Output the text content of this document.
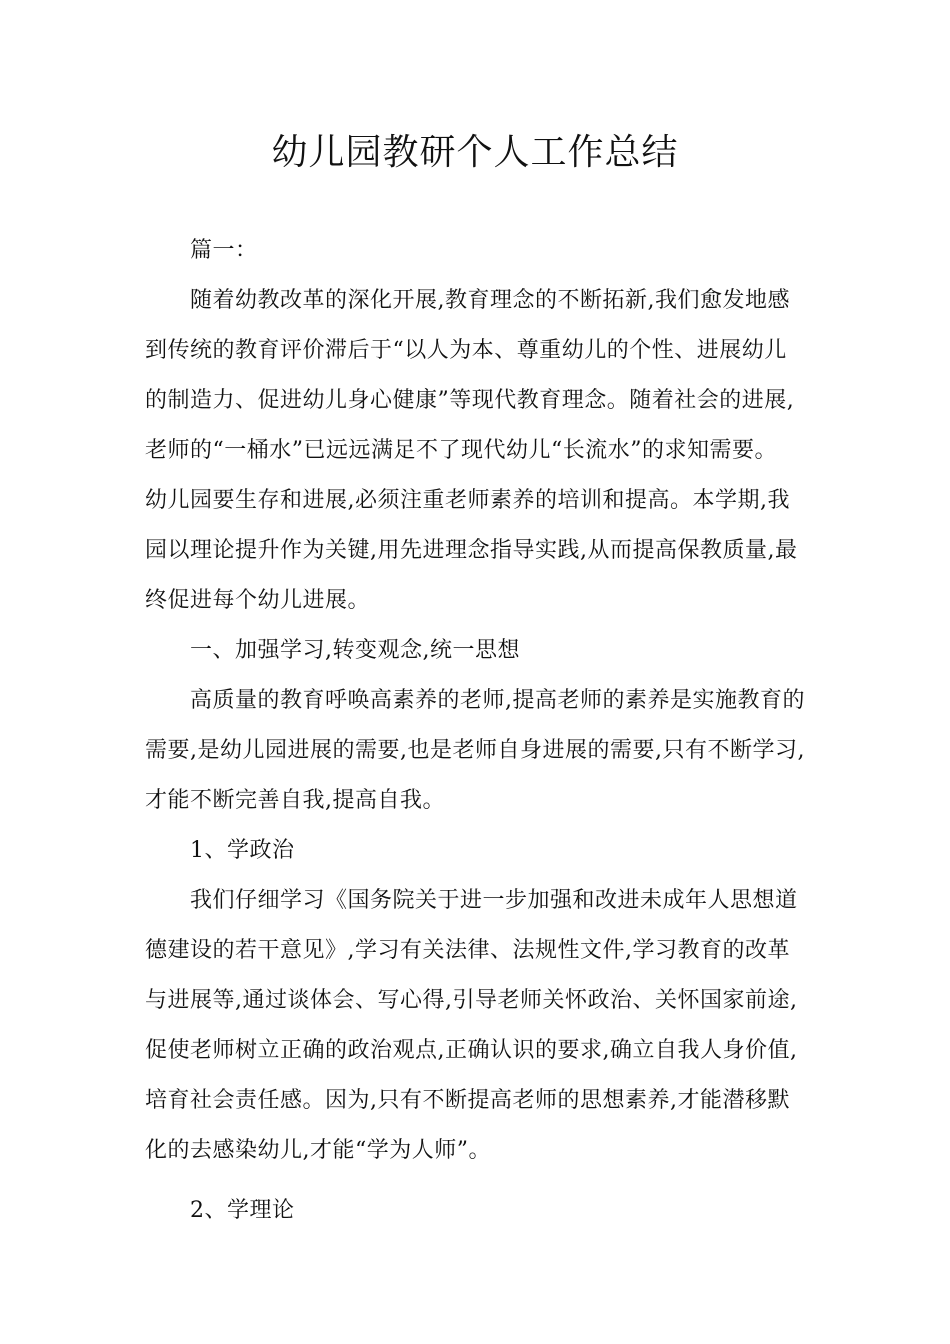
幼儿园教研个人工作总结
篇一：
随着幼教改革的深化开展,教育理念的不断拓新,我们愈发地感
到传统的教育评价滞后于“以人为本、尊重幼儿的个性、进展幼儿
的制造力、促进幼儿身心健康”等现代教育理念。随着社会的进展,
老师的“一桶水”已远远满足不了现代幼儿“长流水”的求知需要。
幼儿园要生存和进展,必须注重老师素养的培训和提高。本学期,我
园以理论提升作为关键,用先进理念指导实践,从而提高保教质量,最
终促进每个幼儿进展。
一、加强学习,转变观念,统一思想
高质量的教育呼唤高素养的老师,提高老师的素养是实施教育的
需要,是幼儿园进展的需要,也是老师自身进展的需要,只有不断学习,
才能不断完善自我,提高自我。
1、学政治
我们仔细学习《国务院关于进一步加强和改进未成年人思想道
德建设的若干意见》,学习有关法律、法规性文件,学习教育的改革
与进展等,通过谈体会、写心得,引导老师关怀政治、关怀国家前途,
促使老师树立正确的政治观点,正确认识的要求,确立自我人身价值,
培育社会责任感。因为,只有不断提高老师的思想素养,才能潜移默
化的去感染幼儿,才能“学为人师”。
2、学理论
